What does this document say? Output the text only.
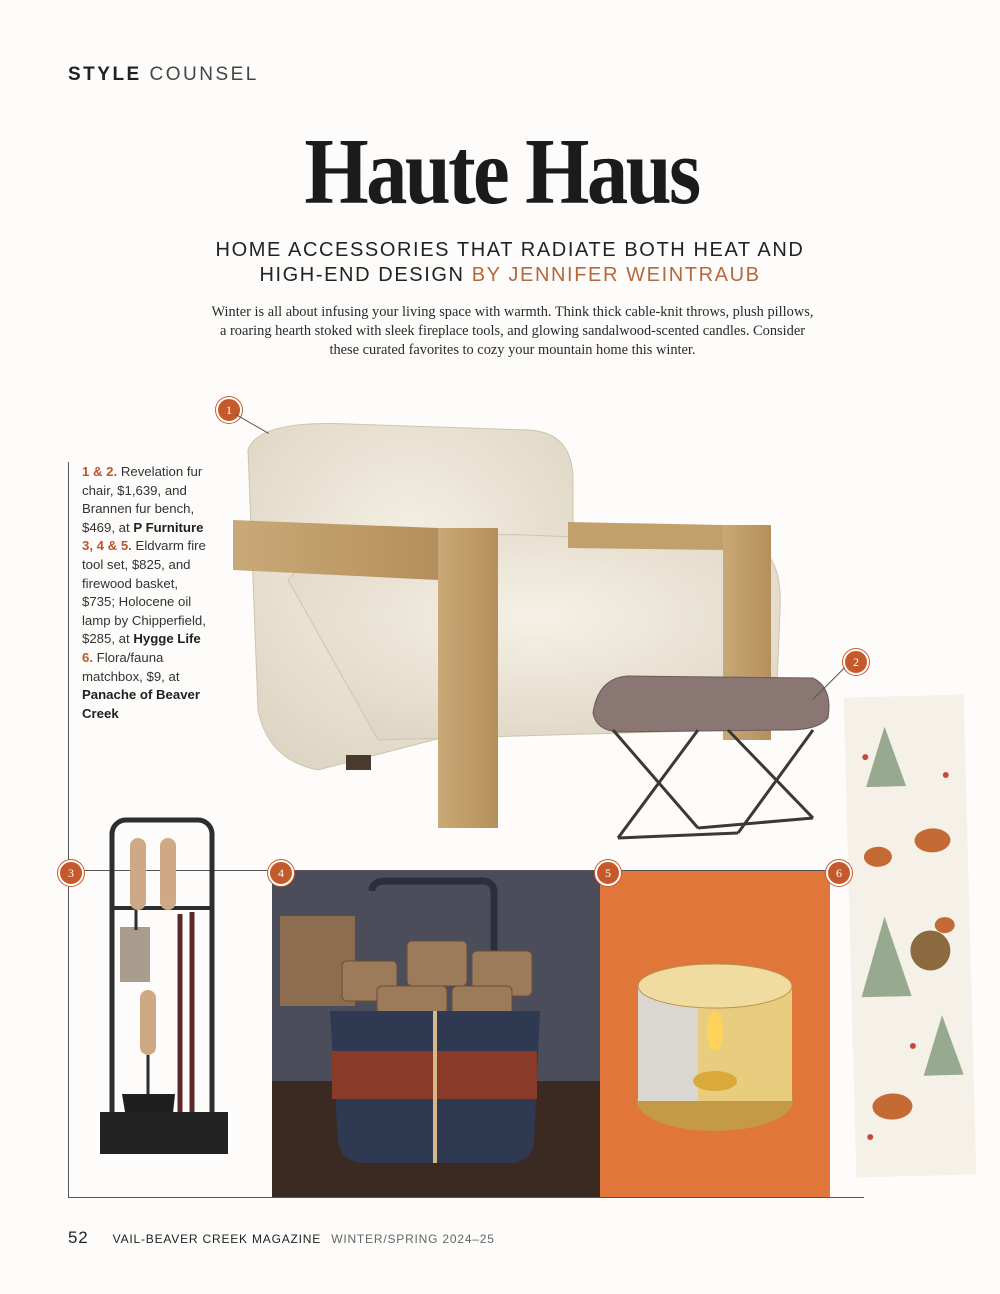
STYLE COUNSEL
Haute Haus
HOME ACCESSORIES THAT RADIATE BOTH HEAT AND
HIGH-END DESIGN BY JENNIFER WEINTRAUB
Winter is all about infusing your living space with warmth. Think thick cable-knit throws, plush pillows, a roaring hearth stoked with sleek fireplace tools, and glowing sandalwood-scented candles. Consider these curated favorites to cozy your mountain home this winter.
1 & 2. Revelation fur chair, $1,639, and Brannen fur bench, $469, at P Furniture
3, 4 & 5. Eldvarm fire tool set, $825, and firewood basket, $735; Holocene oil lamp by Chipperfield, $285, at Hygge Life
6. Flora/fauna matchbox, $9, at Panache of Beaver Creek
1
2
3	4	5	6
52 VAIL-BEAVER CREEK MAGAZINE WINTER/SPRING 2024–25
